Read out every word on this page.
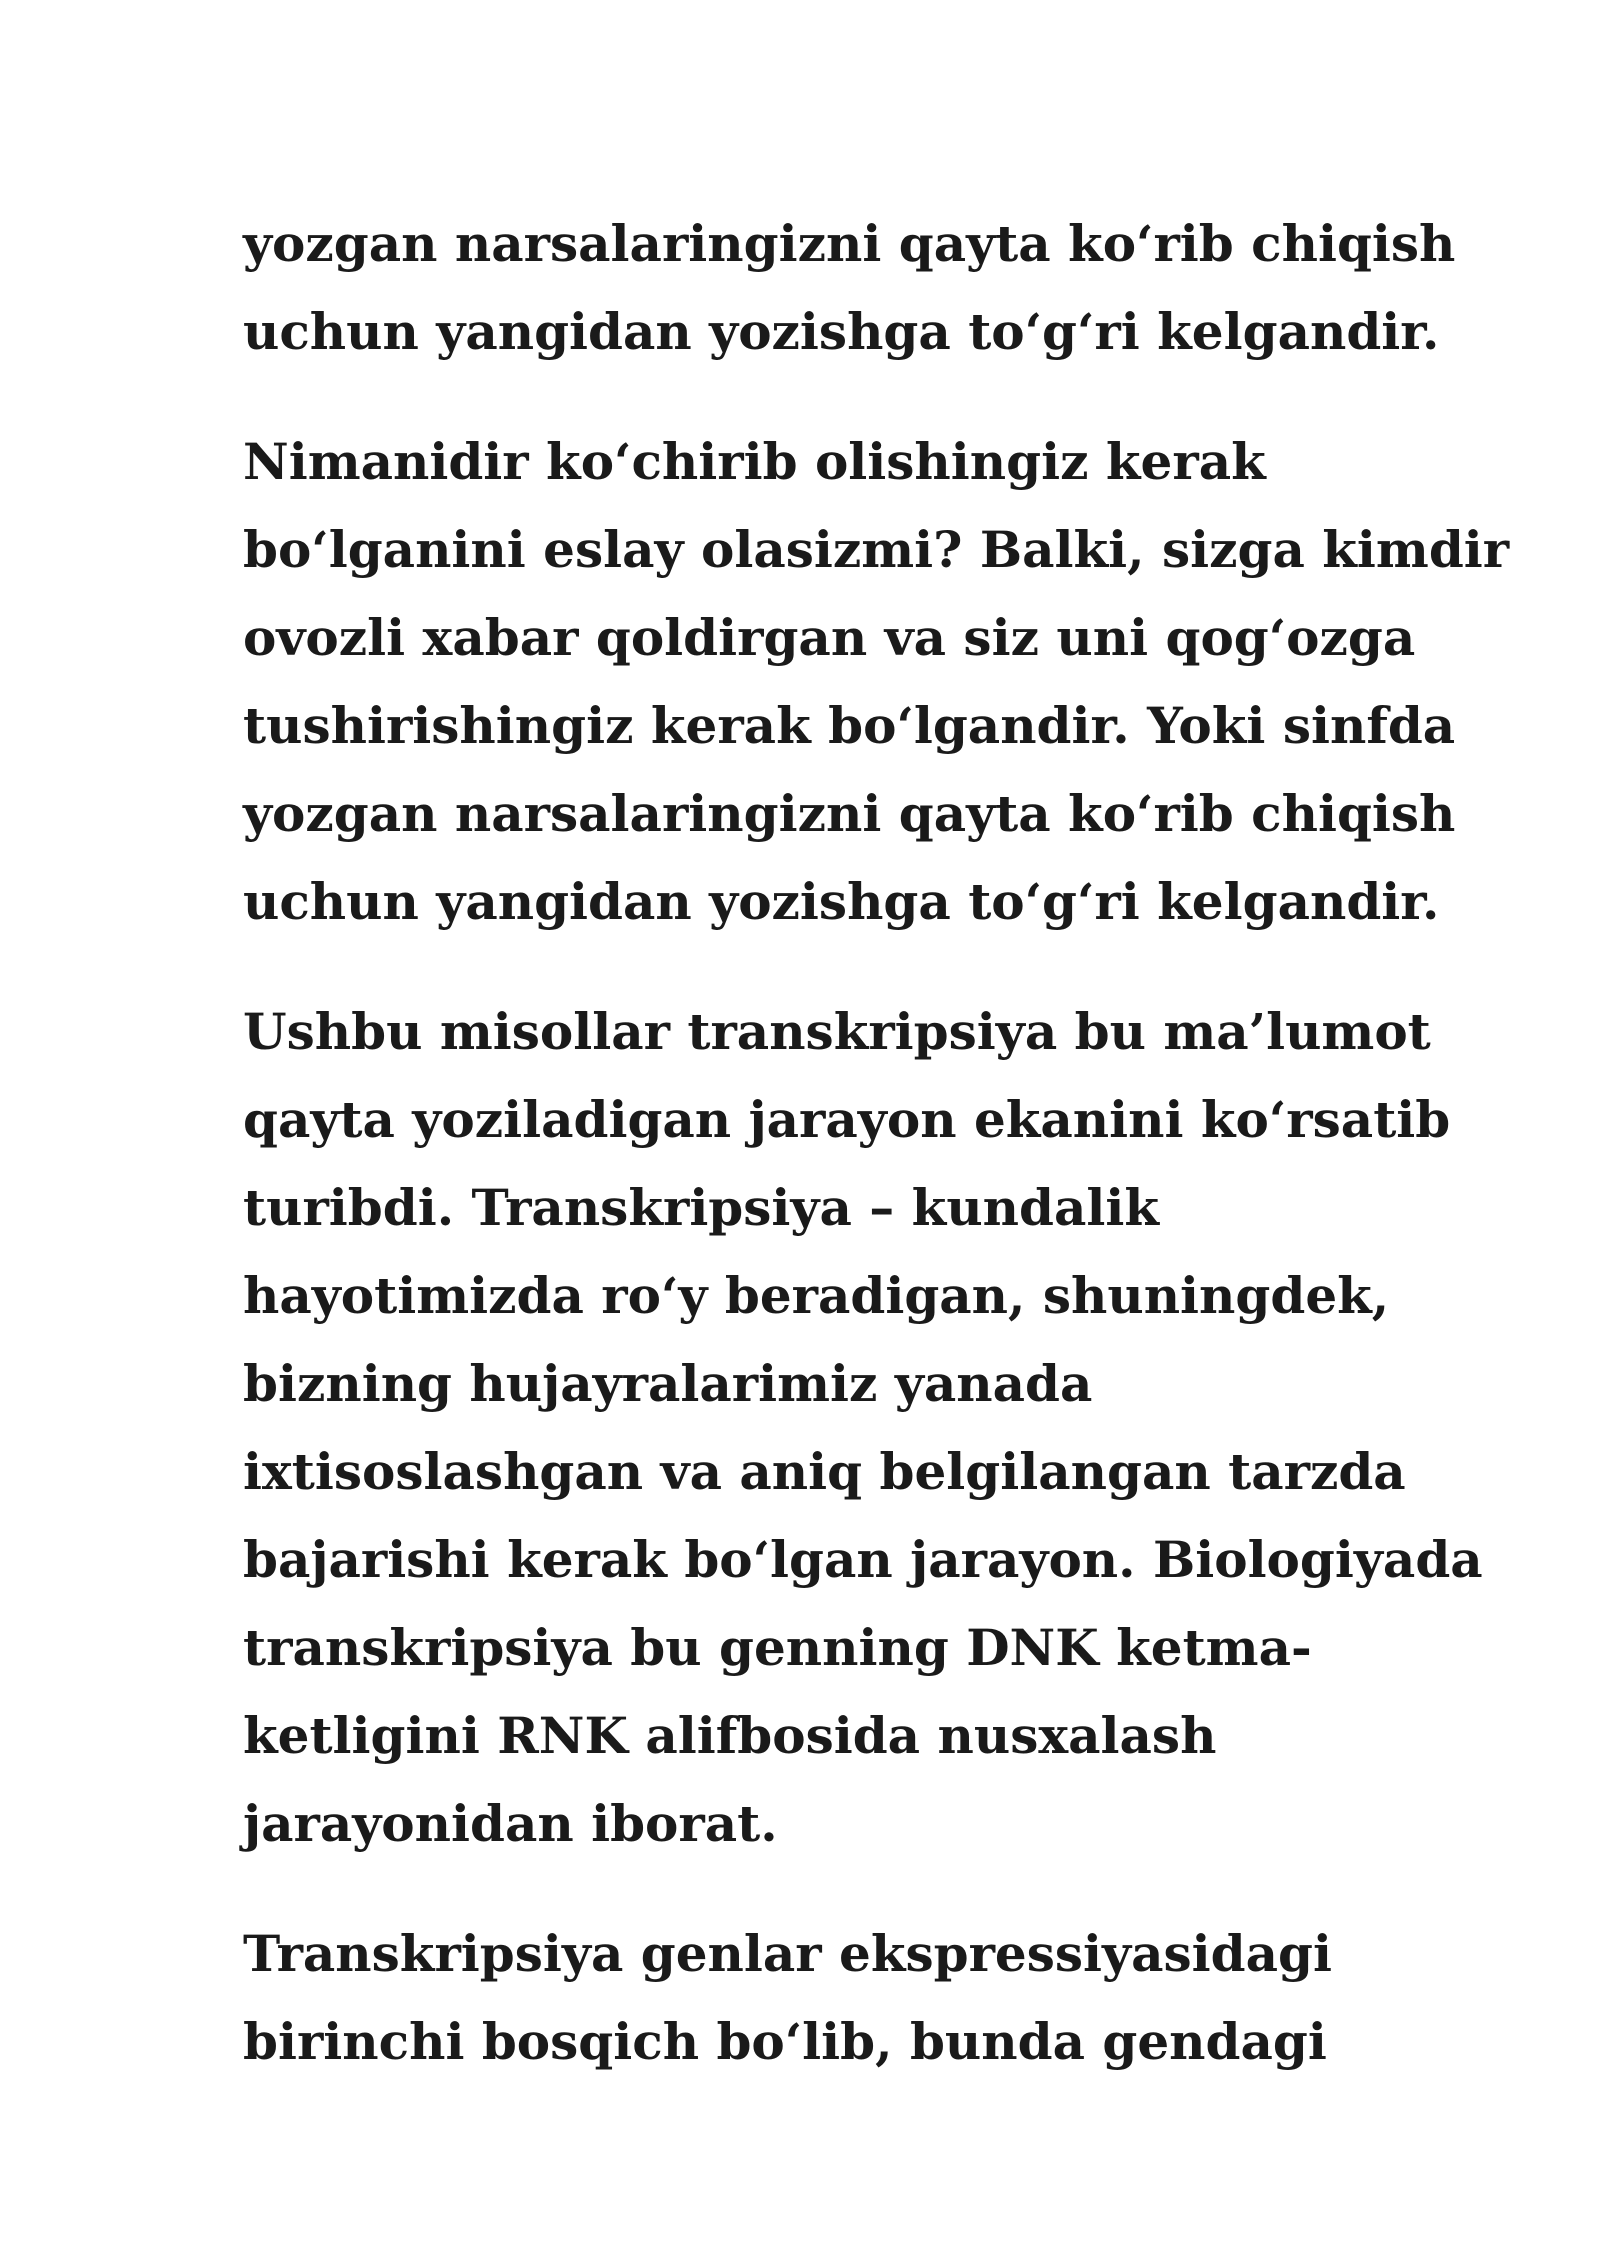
yozgan narsalaringizni qayta ko‘rib chiqish
uchun yangidan yozishga to‘g‘ri kelgandir.
Nimanidir ko‘chirib olishingiz kerak
bo‘lganini eslay olasizmi? Balki, sizga kimdir
ovozli xabar qoldirgan va siz uni qog‘ozga
tushirishingiz kerak bo‘lgandir. Yoki sinfda
yozgan narsalaringizni qayta ko‘rib chiqish
uchun yangidan yozishga to‘g‘ri kelgandir.
Ushbu misollar transkripsiya bu ma’lumot
qayta yoziladigan jarayon ekanini ko‘rsatib
turibdi. Transkripsiya – kundalik
hayotimizda ro‘y beradigan, shuningdek,
bizning hujayralarimiz yanada
ixtisoslashgan va aniq belgilangan tarzda
bajarishi kerak bo‘lgan jarayon. Biologiyada
transkripsiya bu genning DNK ketma-
ketligini RNK alifbosida nusxalash
jarayonidan iborat.
Transkripsiya genlar ekspressiyasidagi
birinchi bosqich bo‘lib, bunda gendagi
